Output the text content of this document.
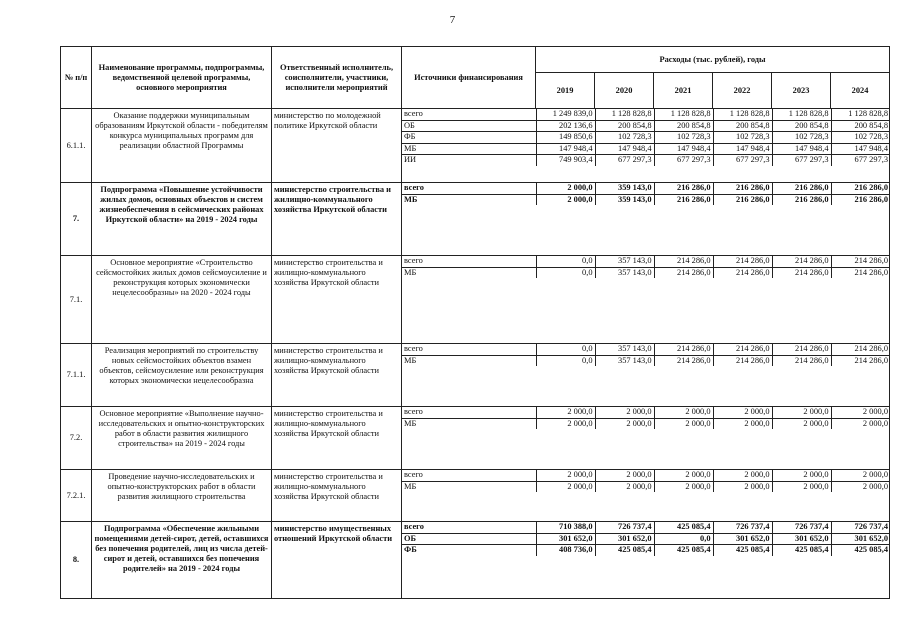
7
№ п/п	Наименование программы, подпрограммы, ведомственной целевой программы, основного мероприятия	Ответственный исполнитель, соисполнители, участники, исполнители мероприятий	Источники финансирования	Расходы (тыс. рублей), годы
2019	2020	2021	2022	2023	2024
6.1.1.	Оказание поддержки муниципальным образованиям Иркутской области - победителям конкурса муниципальных программ для реализации областной Программы	министерство по молодежной политике Иркутской области	
всего	1 249 839,0	1 128 828,8	1 128 828,8	1 128 828,8	1 128 828,8	1 128 828,8
ОБ	202 136,6	200 854,8	200 854,8	200 854,8	200 854,8	200 854,8
ФБ	149 850,6	102 728,3	102 728,3	102 728,3	102 728,3	102 728,3
МБ	147 948,4	147 948,4	147 948,4	147 948,4	147 948,4	147 948,4
ИИ	749 903,4	677 297,3	677 297,3	677 297,3	677 297,3	677 297,3

7.	Подпрограмма «Повышение устойчивости жилых домов, основных объектов и систем жизнеобеспечения в сейсмических районах Иркутской области» на 2019 - 2024 годы	министерство строительства и жилищно-коммунального хозяйства Иркутской области	
всего	2 000,0	359 143,0	216 286,0	216 286,0	216 286,0	216 286,0
МБ	2 000,0	359 143,0	216 286,0	216 286,0	216 286,0	216 286,0

7.1.	Основное мероприятие «Строительство сейсмостойких жилых домов сейсмоусиление и реконструкция которых экономически нецелесообразны» на 2020 - 2024 годы	министерство строительства и жилищно-коммунального хозяйства Иркутской области	
всего	0,0	357 143,0	214 286,0	214 286,0	214 286,0	214 286,0
МБ	0,0	357 143,0	214 286,0	214 286,0	214 286,0	214 286,0

7.1.1.	Реализация мероприятий по строительству новых сейсмостойких объектов взамен объектов, сейсмоусиление или реконструкция которых экономически нецелесообразна	министерство строительства и жилищно-коммунального хозяйства Иркутской области	
всего	0,0	357 143,0	214 286,0	214 286,0	214 286,0	214 286,0
МБ	0,0	357 143,0	214 286,0	214 286,0	214 286,0	214 286,0

7.2.	Основное мероприятие «Выполнение научно-исследовательских и опытно-конструкторских работ в области развития жилищного строительства» на 2019 - 2024 годы	министерство строительства и жилищно-коммунального хозяйства Иркутской области	
всего	2 000,0	2 000,0	2 000,0	2 000,0	2 000,0	2 000,0
МБ	2 000,0	2 000,0	2 000,0	2 000,0	2 000,0	2 000,0

7.2.1.	Проведение научно-исследовательских и опытно-конструкторских работ в области развития жилищного строительства	министерство строительства и жилищно-коммунального хозяйства Иркутской области	
всего	2 000,0	2 000,0	2 000,0	2 000,0	2 000,0	2 000,0
МБ	2 000,0	2 000,0	2 000,0	2 000,0	2 000,0	2 000,0

8.	Подпрограмма «Обеспечение жильными помещениями детей-сирот, детей, оставшихся без попечения родителей, лиц из числа детей-сирот и детей, оставшихся без попечения родителей» на 2019 - 2024 годы	министерство имущественных отношений Иркутской области	
всего	710 388,0	726 737,4	425 085,4	726 737,4	726 737,4	726 737,4
ОБ	301 652,0	301 652,0	0,0	301 652,0	301 652,0	301 652,0
ФБ	408 736,0	425 085,4	425 085,4	425 085,4	425 085,4	425 085,4
